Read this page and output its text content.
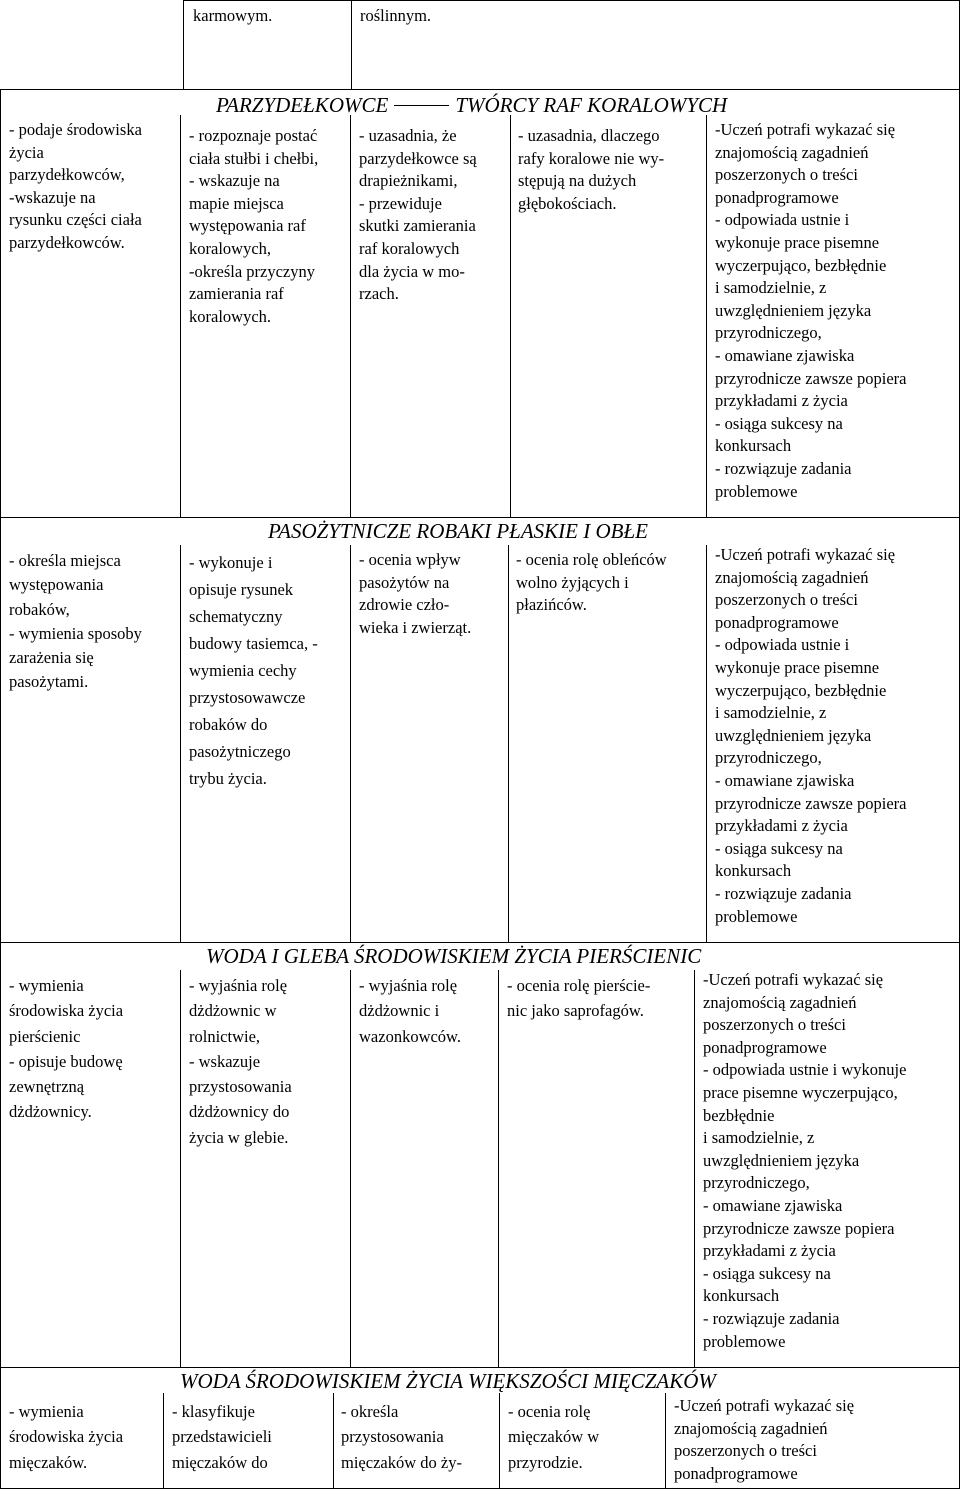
karmowym.	roślinnym.
PARZYDEŁKOWCE	TWÓRCY RAF KORALOWYCH
PASOŻYTNICZE ROBAKI PŁASKIE I OBŁE
WODA I GLEBA ŚRODOWISKIEM ŻYCIA PIERŚCIENIC
WODA ŚRODOWISKIEM ŻYCIA WIĘKSZOŚCI MIĘCZAKÓW
- podaje środowiska
życia
parzydełkowców,
-wskazuje na
rysunku części ciała
parzydełkowców.
- rozpoznaje postać
ciała stułbi i chełbi,
- wskazuje na
mapie miejsca
występowania raf
koralowych,
-określa przyczyny
zamierania raf
koralowych.
- uzasadnia, że
parzydełkowce są
drapieżnikami,
- przewiduje
skutki zamierania
raf koralowych
dla życia w mo-
rzach.
- uzasadnia, dlaczego
rafy koralowe nie wy-
stępują na dużych
głębokościach.
-Uczeń potrafi wykazać się
znajomością zagadnień
poszerzonych o treści
ponadprogramowe
- odpowiada ustnie i
wykonuje prace pisemne
wyczerpująco, bezbłędnie
i samodzielnie, z
uwzględnieniem języka
przyrodniczego,
- omawiane zjawiska
przyrodnicze zawsze popiera
przykładami z życia
- osiąga sukcesy na
konkursach
- rozwiązuje zadania
problemowe
- określa miejsca
występowania
robaków,
- wymienia sposoby
zarażenia się
pasożytami.
- wykonuje i
opisuje rysunek
schematyczny
budowy tasiemca, -
wymienia cechy
przystosowawcze
robaków do
pasożytniczego
trybu życia.
- ocenia wpływ
pasożytów na
zdrowie czło-
wieka i zwierząt.
- ocenia rolę obleńców
wolno żyjących i
płazińców.
-Uczeń potrafi wykazać się
znajomością zagadnień
poszerzonych o treści
ponadprogramowe
- odpowiada ustnie i
wykonuje prace pisemne
wyczerpująco, bezbłędnie
i samodzielnie, z
uwzględnieniem języka
przyrodniczego,
- omawiane zjawiska
przyrodnicze zawsze popiera
przykładami z życia
- osiąga sukcesy na
konkursach
- rozwiązuje zadania
problemowe
- wymienia
środowiska życia
pierścienic
- opisuje budowę
zewnętrzną
dżdżownicy.
- wyjaśnia rolę
dżdżownic w
rolnictwie,
- wskazuje
przystosowania
dżdżownicy do
życia w glebie.
- wyjaśnia rolę
dżdżownic i
wazonkowców.
- ocenia rolę pierście-
nic jako saprofagów.
-Uczeń potrafi wykazać się
znajomością zagadnień
poszerzonych o treści
ponadprogramowe
- odpowiada ustnie i wykonuje
prace pisemne wyczerpująco,
bezbłędnie
i samodzielnie, z
uwzględnieniem języka
przyrodniczego,
- omawiane zjawiska
przyrodnicze zawsze popiera
przykładami z życia
- osiąga sukcesy na
konkursach
- rozwiązuje zadania
problemowe
- wymienia
środowiska życia
mięczaków.
- klasyfikuje
przedstawicieli
mięczaków do
- określa
przystosowania
mięczaków do ży-
- ocenia rolę
mięczaków w
przyrodzie.
-Uczeń potrafi wykazać się
znajomością zagadnień
poszerzonych o treści
ponadprogramowe
